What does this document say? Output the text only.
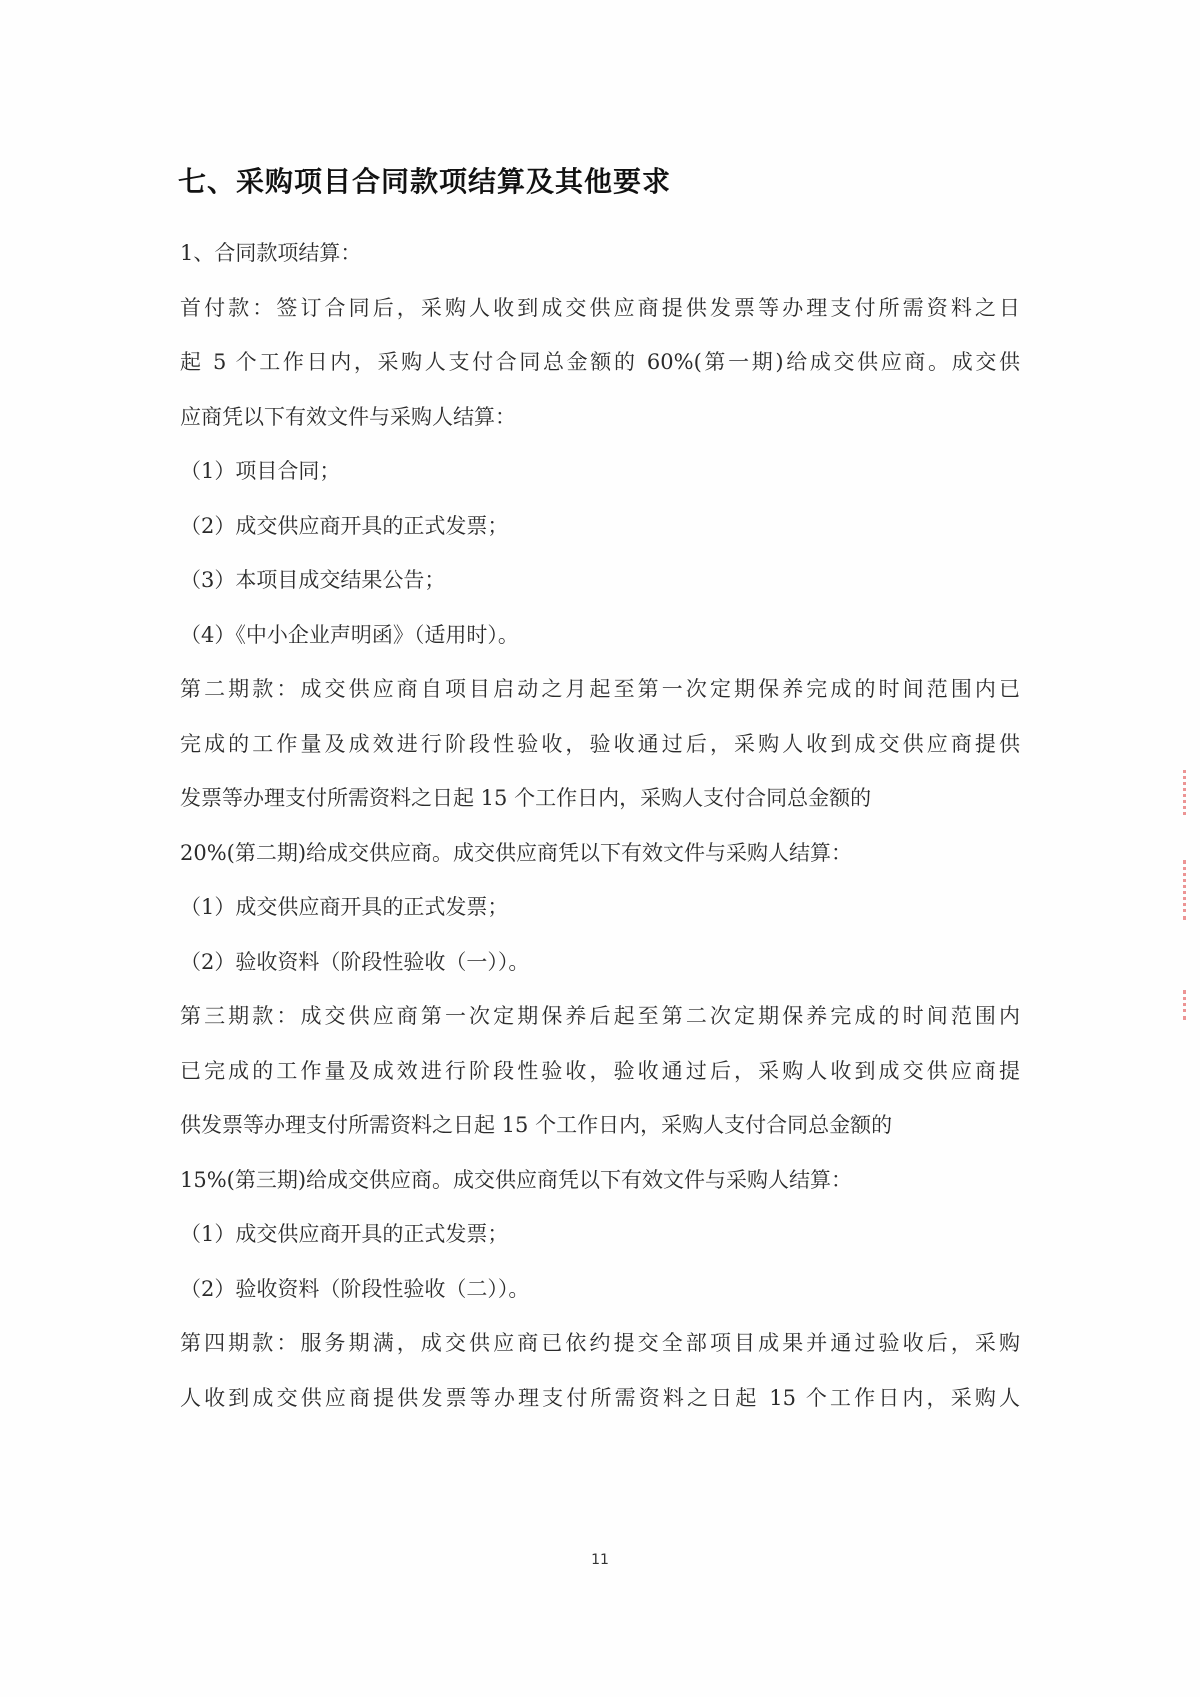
七、采购项目合同款项结算及其他要求
1、合同款项结算：
首付款：签订合同后，采购人收到成交供应商提供发票等办理支付所需资料之日
起 5 个工作日内，采购人支付合同总金额的 60%(第一期)给成交供应商。成交供
应商凭以下有效文件与采购人结算：
（1）项目合同；
（2）成交供应商开具的正式发票；
（3）本项目成交结果公告；
（4）《中小企业声明函》（适用时）。
第二期款：成交供应商自项目启动之月起至第一次定期保养完成的时间范围内已
完成的工作量及成效进行阶段性验收，验收通过后，采购人收到成交供应商提供
发票等办理支付所需资料之日起 15 个工作日内，采购人支付合同总金额的
20%(第二期)给成交供应商。成交供应商凭以下有效文件与采购人结算：
（1）成交供应商开具的正式发票；
（2）验收资料（阶段性验收（一））。
第三期款：成交供应商第一次定期保养后起至第二次定期保养完成的时间范围内
已完成的工作量及成效进行阶段性验收，验收通过后，采购人收到成交供应商提
供发票等办理支付所需资料之日起 15 个工作日内，采购人支付合同总金额的
15%(第三期)给成交供应商。成交供应商凭以下有效文件与采购人结算：
（1）成交供应商开具的正式发票；
（2）验收资料（阶段性验收（二））。
第四期款：服务期满，成交供应商已依约提交全部项目成果并通过验收后，采购
人收到成交供应商提供发票等办理支付所需资料之日起 15 个工作日内，采购人
11
